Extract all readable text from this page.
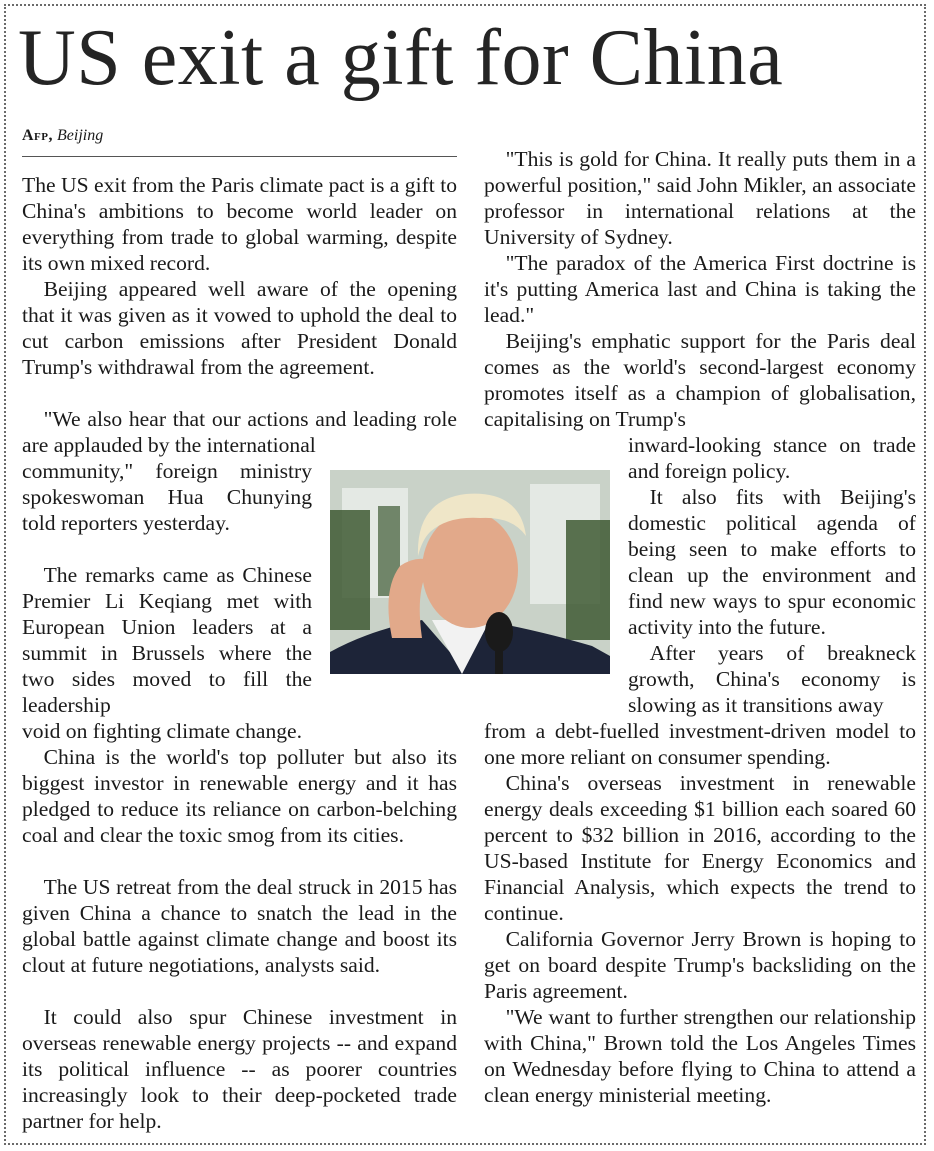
US exit a gift for China
Afp, Beijing

The US exit from the Paris climate pact is a gift to China's ambitions to become world leader on everything from trade to global warming, despite its own mixed record.

 Beijing appeared well aware of the opening that it was given as it vowed to uphold the deal to cut carbon emissions after President Donald Trump's withdrawal from the agreement.

 "We also hear that our actions and leading role are applauded by the international

community," foreign ministry spokeswoman Hua Chunying told reporters yesterday.

 The remarks came as Chinese Premier Li Keqiang met with European Union leaders at a summit in Brussels where the two sides moved to fill the leadership

void on fighting climate change.

 China is the world's top polluter but also its biggest investor in renewable energy and it has pledged to reduce its reliance on carbon-belching coal and clear the toxic smog from its cities.

 The US retreat from the deal struck in 2015 has given China a chance to snatch the lead in the global battle against climate change and boost its clout at future negotiations, analysts said.

 It could also spur Chinese investment in overseas renewable energy projects -- and expand its political influence -- as poorer countries increasingly look to their deep-pocketed trade partner for help.

 "This is gold for China. It really puts them in a powerful position," said John Mikler, an associate professor in international relations at the University of Sydney.

 "The paradox of the America First doctrine is it's putting America last and China is taking the lead."

 Beijing's emphatic support for the Paris deal comes as the world's second-largest economy promotes itself as a champion of globalisation, capitalising on Trump's

inward-looking stance on trade and foreign policy.

 It also fits with Beijing's domestic political agenda of being seen to make efforts to clean up the environment and find new ways to spur economic activity into the future.

 After years of breakneck growth, China's economy is slowing as it transitions away

from a debt-fuelled investment-driven model to one more reliant on consumer spending.

 China's overseas investment in renewable energy deals exceeding $1 billion each soared 60 percent to $32 billion in 2016, according to the US-based Institute for Energy Economics and Financial Analysis, which expects the trend to continue.

 California Governor Jerry Brown is hoping to get on board despite Trump's backsliding on the Paris agreement.

 "We want to further strengthen our relationship with China," Brown told the Los Angeles Times on Wednesday before flying to China to attend a clean energy ministerial meeting.
